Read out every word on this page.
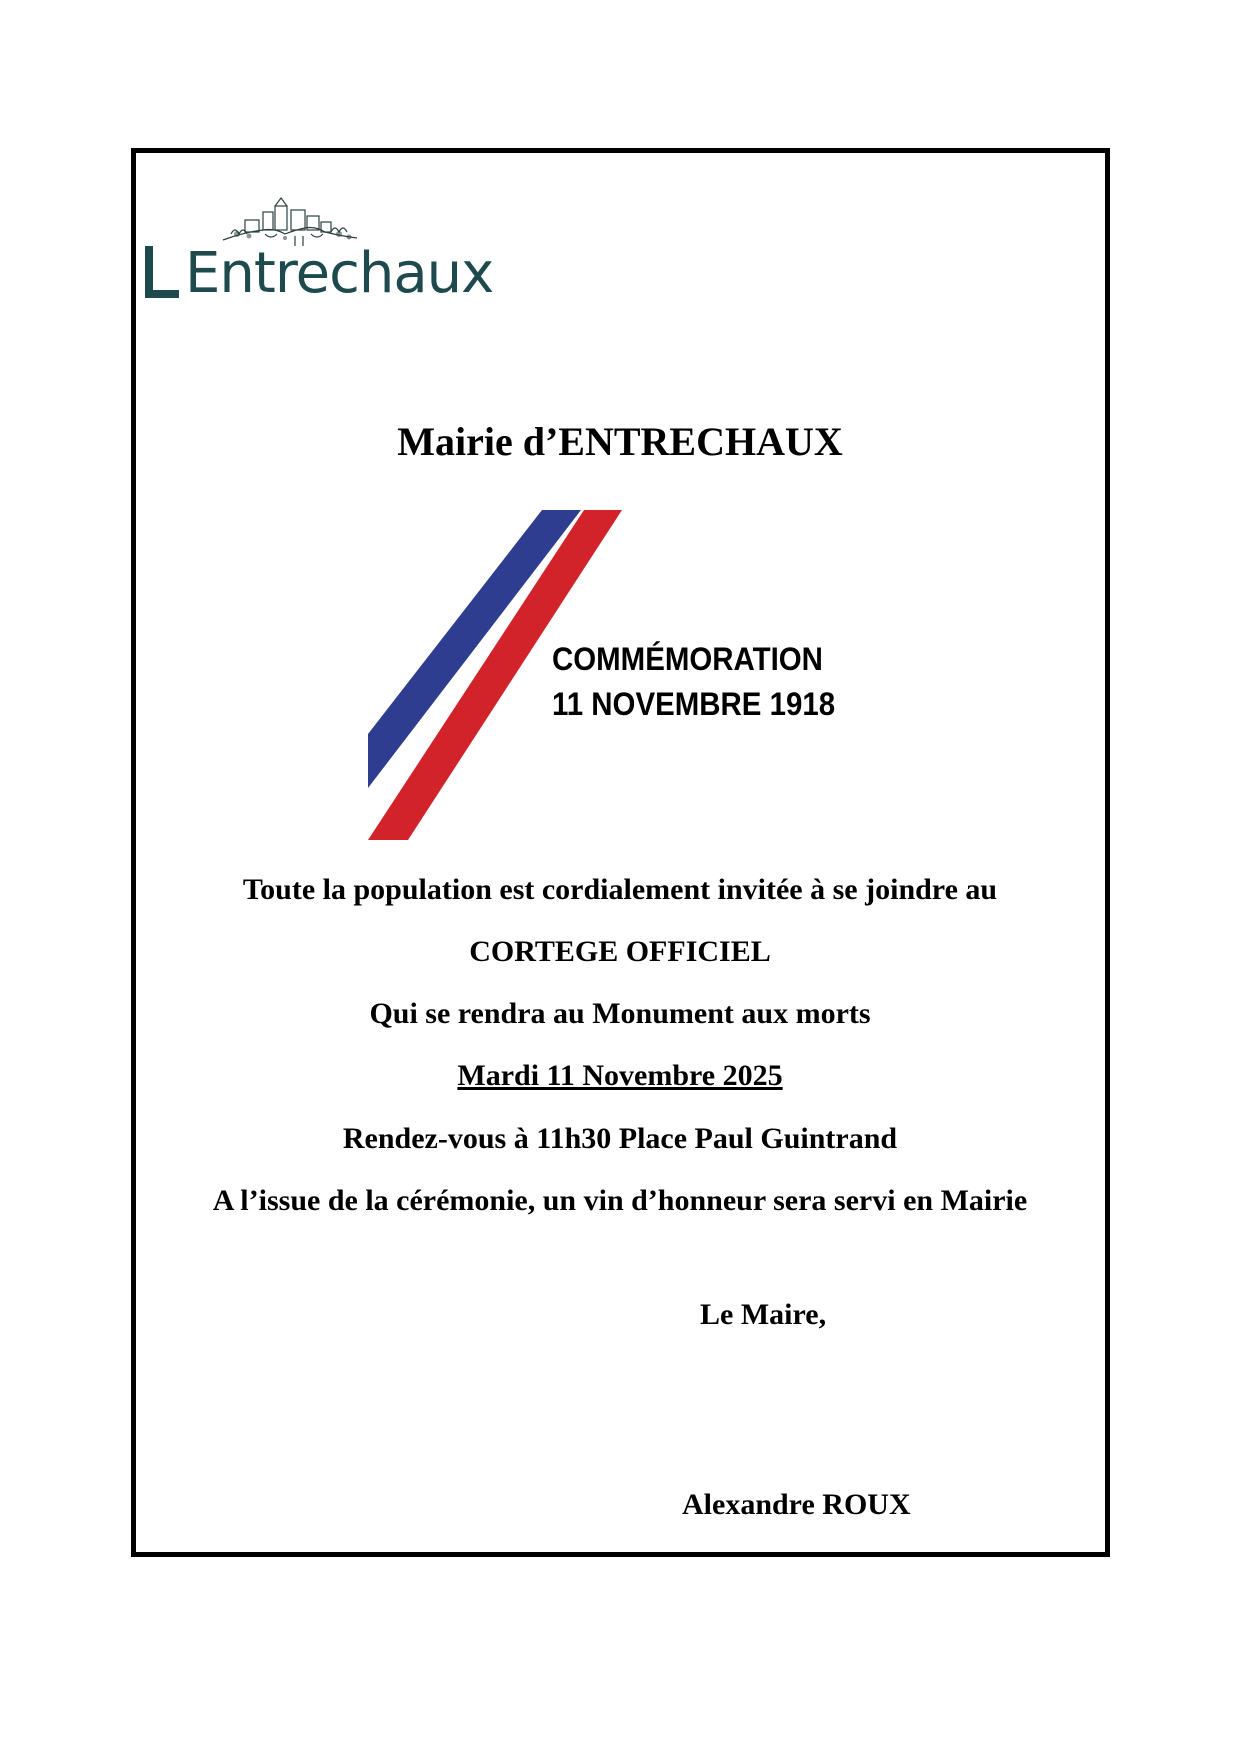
Entrechaux
Mairie d’ENTRECHAUX
COMMÉMORATION
11 NOVEMBRE 1918
Toute la population est cordialement invitée à se joindre au
CORTEGE OFFICIEL
Qui se rendra au Monument aux morts
Mardi 11 Novembre 2025
Rendez-vous à 11h30 Place Paul Guintrand
A l’issue de la cérémonie, un vin d’honneur sera servi en Mairie
Le Maire,
Alexandre ROUX
